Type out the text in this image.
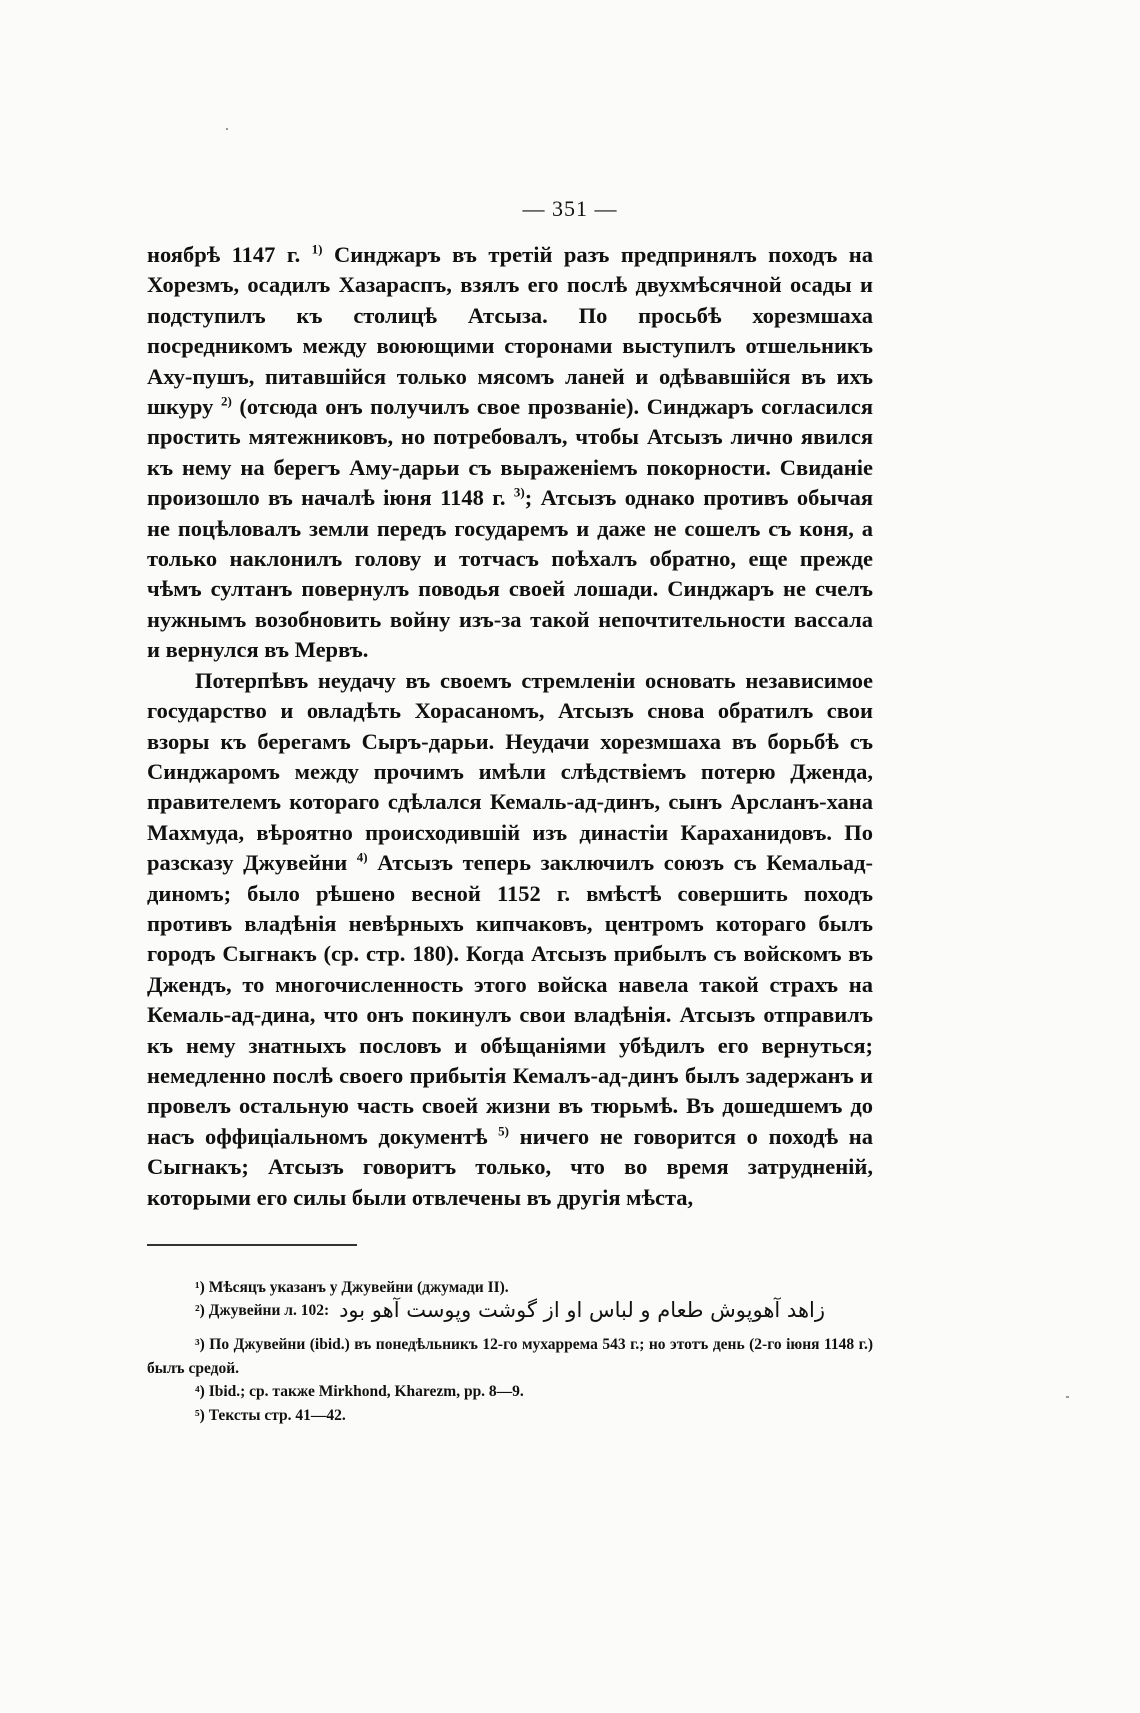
— 351 —

ноябрѣ 1147 г. $^{1)}$ Синджаръ въ третій разъ предпринялъ походъ на Хорезмъ, осадилъ Хазараспъ, взялъ его послѣ двухмѣсячной осады и подступилъ къ столицѣ Атсыза. По просьбѣ хорезмшаха посредникомъ между воюющими сторонами выступилъ отшельникъ Аху-пушъ, питавшійся только мясомъ ланей и одѣвавшійся въ ихъ шкуру $^{2)}$ (отсюда онъ получилъ свое прозваніе). Синджаръ согласился простить мятежниковъ, но потребовалъ, чтобы Атсызъ лично явился къ нему на берегъ Аму-дарьи съ выраженіемъ покорности. Свиданіе произошло въ началѣ іюня 1148 г. $^{3)}$; Атсызъ однако противъ обычая не поцѣловалъ земли передъ государемъ и даже не сошелъ съ коня, а только наклонилъ голову и тотчасъ поѣхалъ обратно, еще прежде чѣмъ султанъ повернулъ поводья своей лошади. Синджаръ не счелъ нужнымъ возобновить войну изъ-за такой непочтительности вассала и вернулся въ Мервъ.

Потерпѣвъ неудачу въ своемъ стремленіи основать независимое государство и овладѣть Хорасаномъ, Атсызъ снова обратилъ свои взоры къ берегамъ Сыръ-дарьи. Неудачи хорезмшаха въ борьбѣ съ Синджаромъ между прочимъ имѣли слѣдствіемъ потерю Дженда, правителемъ котораго сдѣлался Кемаль-ад-динъ, сынъ Арсланъ-хана Махмуда, вѣроятно происходившій изъ династіи Караханидовъ. По разсказу Джувейни $^{4)}$ Атсызъ теперь заключилъ союзъ съ Кемальад-диномъ; было рѣшено весной 1152 г. вмѣстѣ совершить походъ противъ владѣнія невѣрныхъ кипчаковъ, центромъ котораго былъ городъ Сыгнакъ (ср. стр. 180). Когда Атсызъ прибылъ съ войскомъ въ Джендъ, то многочисленность этого войска навела такой страхъ на Кемаль-ад-дина, что онъ покинулъ свои владѣнія. Атсызъ отправилъ къ нему знатныхъ пословъ и обѣщаніями убѣдилъ его вернуться; немедленно послѣ своего прибытія Кемалъ-ад-динъ былъ задержанъ и провелъ остальную часть своей жизни въ тюрьмѣ. Въ дошедшемъ до насъ оффиціальномъ документѣ $^{5)}$ ничего не говорится о походѣ на Сыгнакъ; Атсызъ говоритъ только, что во время затрудненій, которыми его силы были отвлечены въ другія мѣста,

¹) Мѣсяцъ указанъ у Джувейни (джумади II).

²) Джувейни л. 102: زاهد آهوپوش طعام و لباس او از گوشت وپوست آهو بود

³) По Джувейни (ibid.) въ понедѣльникъ 12-го мухаррема 543 г.; но этотъ день (2-го іюня 1148 г.) былъ средой.

⁴) Ibid.; ср. также Mirkhond, Kharezm, pp. 8—9.

⁵) Тексты стр. 41—42.
